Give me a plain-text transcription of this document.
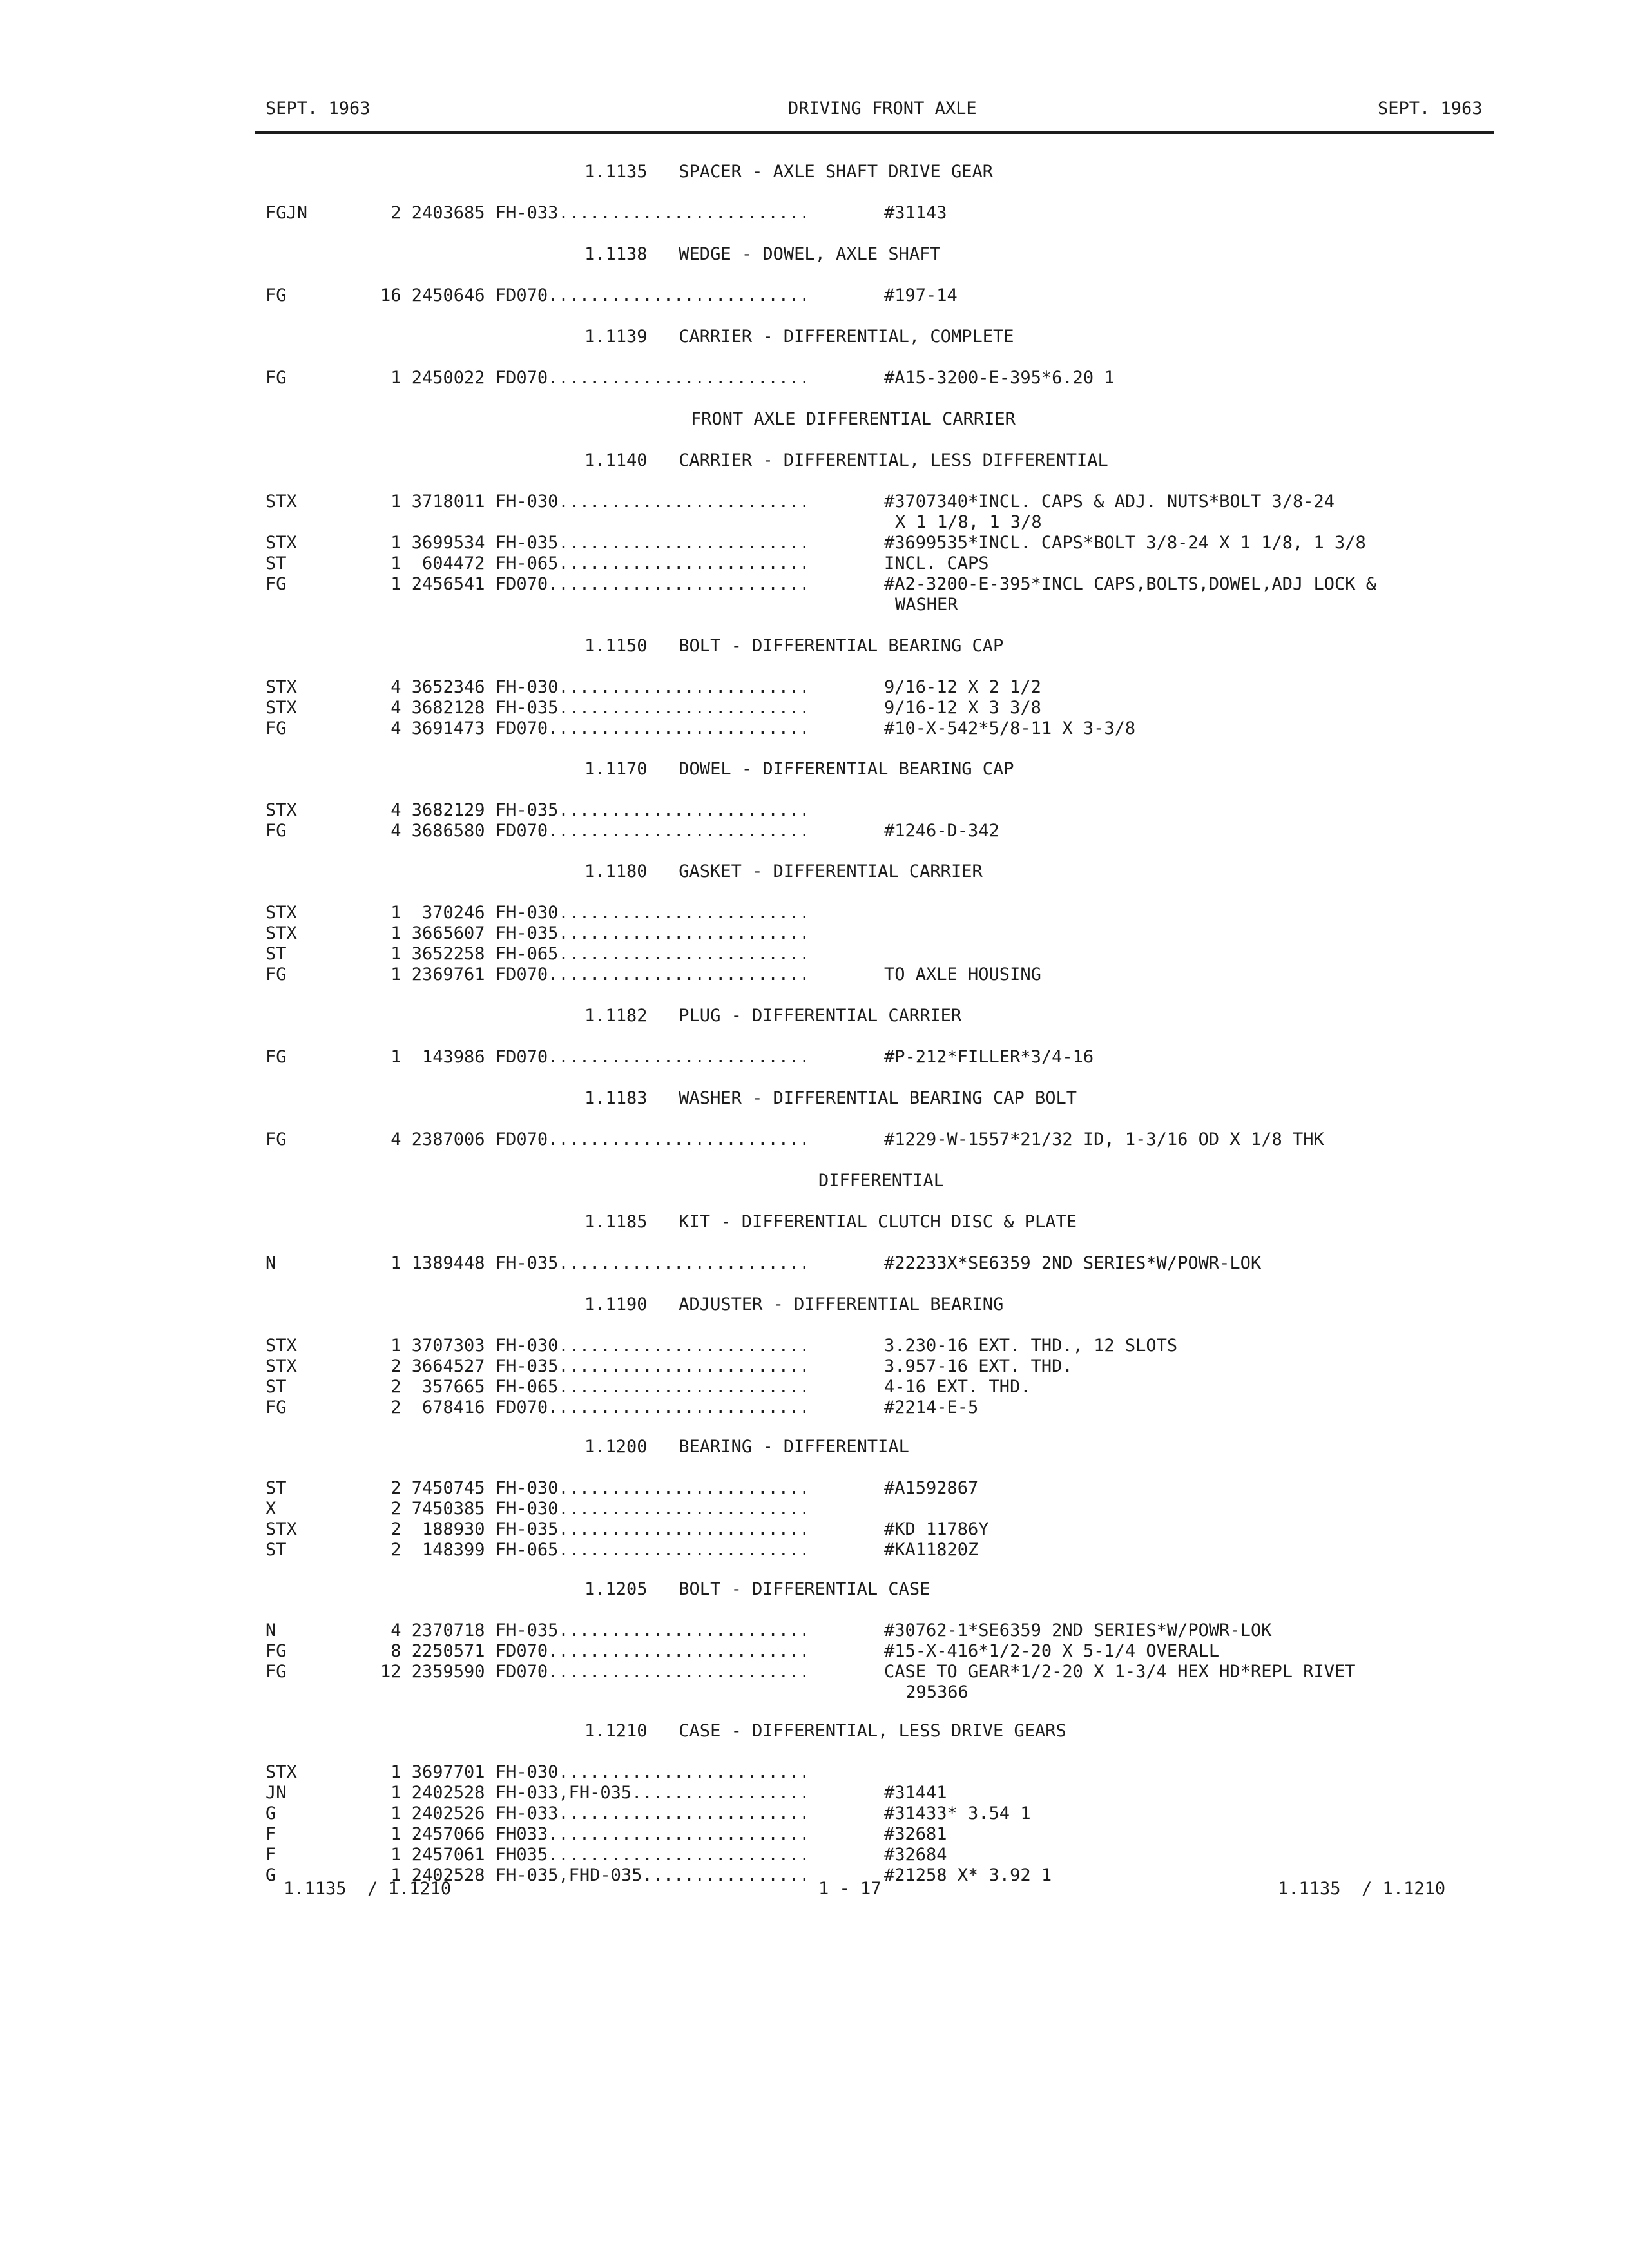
SEPT. 1963	DRIVING FRONT AXLE	SEPT. 1963
1.1135   SPACER - AXLE SHAFT DRIVE GEAR
FGJN	2 2403685 FH-033........................	#31143
1.1138   WEDGE - DOWEL, AXLE SHAFT
FG	16 2450646 FD070.........................	#197-14
1.1139   CARRIER - DIFFERENTIAL, COMPLETE
FG	1 2450022 FD070.........................	#A15-3200-E-395*6.20 1
FRONT AXLE DIFFERENTIAL CARRIER
1.1140   CARRIER - DIFFERENTIAL, LESS DIFFERENTIAL
STX	1 3718011 FH-030........................	#3707340*INCL. CAPS & ADJ. NUTS*BOLT 3/8-24
X 1 1/8, 1 3/8
STX	1 3699534 FH-035........................	#3699535*INCL. CAPS*BOLT 3/8-24 X 1 1/8, 1 3/8
ST	1  604472 FH-065........................	INCL. CAPS
FG	1 2456541 FD070.........................	#A2-3200-E-395*INCL CAPS,BOLTS,DOWEL,ADJ LOCK &
WASHER
1.1150   BOLT - DIFFERENTIAL BEARING CAP
STX	4 3652346 FH-030........................	9/16-12 X 2 1/2
STX	4 3682128 FH-035........................	9/16-12 X 3 3/8
FG	4 3691473 FD070.........................	#10-X-542*5/8-11 X 3-3/8
1.1170   DOWEL - DIFFERENTIAL BEARING CAP
STX	4 3682129 FH-035........................
FG	4 3686580 FD070.........................	#1246-D-342
1.1180   GASKET - DIFFERENTIAL CARRIER
STX	1  370246 FH-030........................
STX	1 3665607 FH-035........................
ST	1 3652258 FH-065........................
FG	1 2369761 FD070.........................	TO AXLE HOUSING
1.1182   PLUG - DIFFERENTIAL CARRIER
FG	1  143986 FD070.........................	#P-212*FILLER*3/4-16
1.1183   WASHER - DIFFERENTIAL BEARING CAP BOLT
FG	4 2387006 FD070.........................	#1229-W-1557*21/32 ID, 1-3/16 OD X 1/8 THK
DIFFERENTIAL
1.1185   KIT - DIFFERENTIAL CLUTCH DISC & PLATE
N	1 1389448 FH-035........................	#22233X*SE6359 2ND SERIES*W/POWR-LOK
1.1190   ADJUSTER - DIFFERENTIAL BEARING
STX	1 3707303 FH-030........................	3.230-16 EXT. THD., 12 SLOTS
STX	2 3664527 FH-035........................	3.957-16 EXT. THD.
ST	2  357665 FH-065........................	4-16 EXT. THD.
FG	2  678416 FD070.........................	#2214-E-5
1.1200   BEARING - DIFFERENTIAL
ST	2 7450745 FH-030........................	#A1592867
X	2 7450385 FH-030........................
STX	2  188930 FH-035........................	#KD 11786Y
ST	2  148399 FH-065........................	#KA11820Z
1.1205   BOLT - DIFFERENTIAL CASE
N	4 2370718 FH-035........................	#30762-1*SE6359 2ND SERIES*W/POWR-LOK
FG	8 2250571 FD070.........................	#15-X-416*1/2-20 X 5-1/4 OVERALL
FG	12 2359590 FD070.........................	CASE TO GEAR*1/2-20 X 1-3/4 HEX HD*REPL RIVET
295366
1.1210   CASE - DIFFERENTIAL, LESS DRIVE GEARS
STX	1 3697701 FH-030........................
JN	1 2402528 FH-033,FH-035.................	#31441
G	1 2402526 FH-033........................	#31433* 3.54 1
F	1 2457066 FH033.........................	#32681
F	1 2457061 FH035.........................	#32684
G	1 2402528 FH-035,FHD-035................	#21258 X* 3.92 1
1.1135  / 1.1210	1 - 17	1.1135  / 1.1210
